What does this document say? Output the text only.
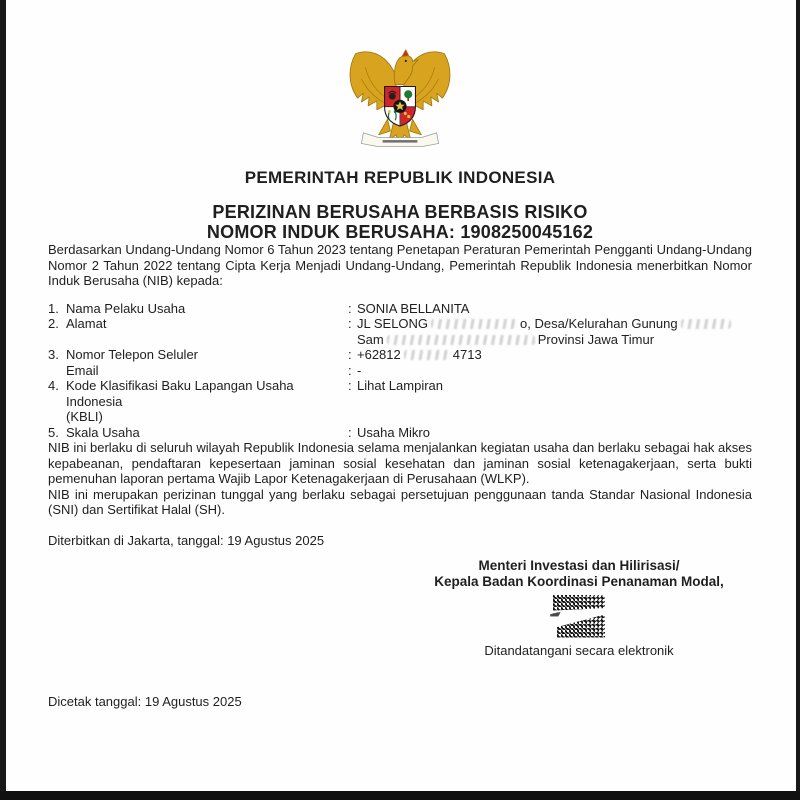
PEMERINTAH REPUBLIK INDONESIA
PERIZINAN BERUSAHA BERBASIS RISIKO
NOMOR INDUK BERUSAHA: 1908250045162

Berdasarkan Undang-Undang Nomor 6 Tahun 2023 tentang Penetapan Peraturan Pemerintah Pengganti Undang-Undang Nomor 2 Tahun 2022 tentang Cipta Kerja Menjadi Undang-Undang, Pemerintah Republik Indonesia menerbitkan Nomor Induk Berusaha (NIB) kepada:

1. Nama Pelaku Usaha	: SONIA BELLANITA
2. Alamat	: JL SELONG	o, Desa/Kelurahan Gunung
Sam	Provinsi Jawa Timur
3. Nomor Telepon Seluler	: +62812	4713
Email	: -
4. Kode Klasifikasi Baku Lapangan Usaha Indonesia
(KBLI)
: Lihat Lampiran
5. Skala Usaha	: Usaha Mikro

NIB ini berlaku di seluruh wilayah Republik Indonesia selama menjalankan kegiatan usaha dan berlaku sebagai hak akses kepabeanan, pendaftaran kepesertaan jaminan sosial kesehatan dan jaminan sosial ketenagakerjaan, serta bukti pemenuhan laporan pertama Wajib Lapor Ketenagakerjaan di Perusahaan (WLKP).

NIB ini merupakan perizinan tunggal yang berlaku sebagai persetujuan penggunaan tanda Standar Nasional Indonesia (SNI) dan Sertifikat Halal (SH).

Diterbitkan di Jakarta, tanggal: 19 Agustus 2025
Menteri Investasi dan Hilirisasi/
Kepala Badan Koordinasi Penanaman Modal,
Ditandatangani secara elektronik
Dicetak tanggal: 19 Agustus 2025
